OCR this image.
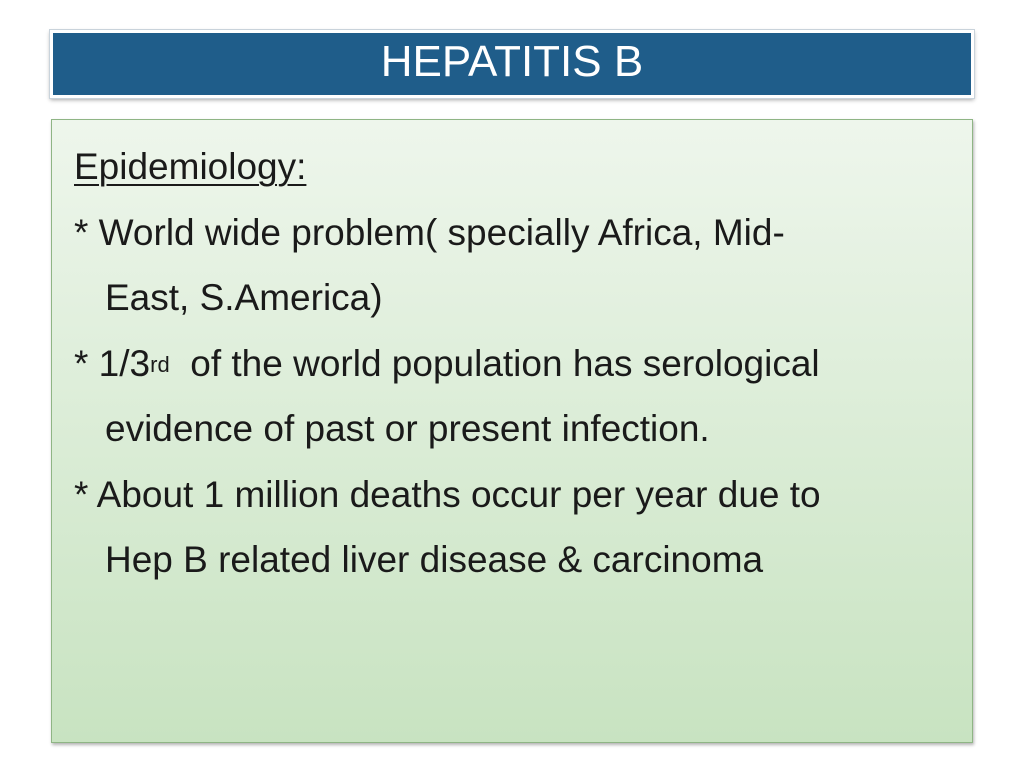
HEPATITIS B
Epidemiology:
* World wide problem( specially Africa, Mid-
East, S.America)
* 1/3rd  of the world population has serological
evidence of past or present infection.
* About 1 million deaths occur per year due to
Hep B related liver disease & carcinoma
